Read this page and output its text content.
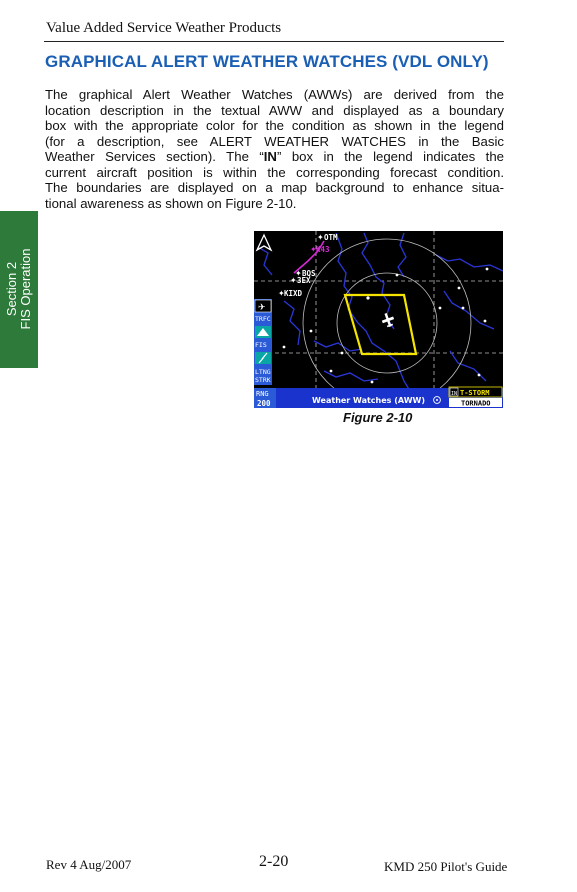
Value Added Service Weather Products
GRAPHICAL ALERT WEATHER WATCHES (VDL ONLY)
The graphical Alert Weather Watches (AWWs) are derived from the
location description in the textual AWW and displayed as a boundary
box with the appropriate color for the condition as shown in the legend
(for a description, see ALERT WEATHER WATCHES in the Basic
Weather Services section). The “IN” box in the legend indicates the
current aircraft position is within the corresponding forecast condition.
The boundaries are displayed on a map background to enhance situa-
tional awareness as shown on Figure 2-10.
Section 2 FIS Operation
OTM
K43
BQS
3EX
KIXD
✦
✦
✦
✦
✦
✈
TRFC
FIS
LTNG
STRK
RNG
200	Weather Watches (AWW)
IN T-STORM
TORNADO
Figure 2-10
Rev 4 Aug/2007	2-20	KMD 250 Pilot's Guide
